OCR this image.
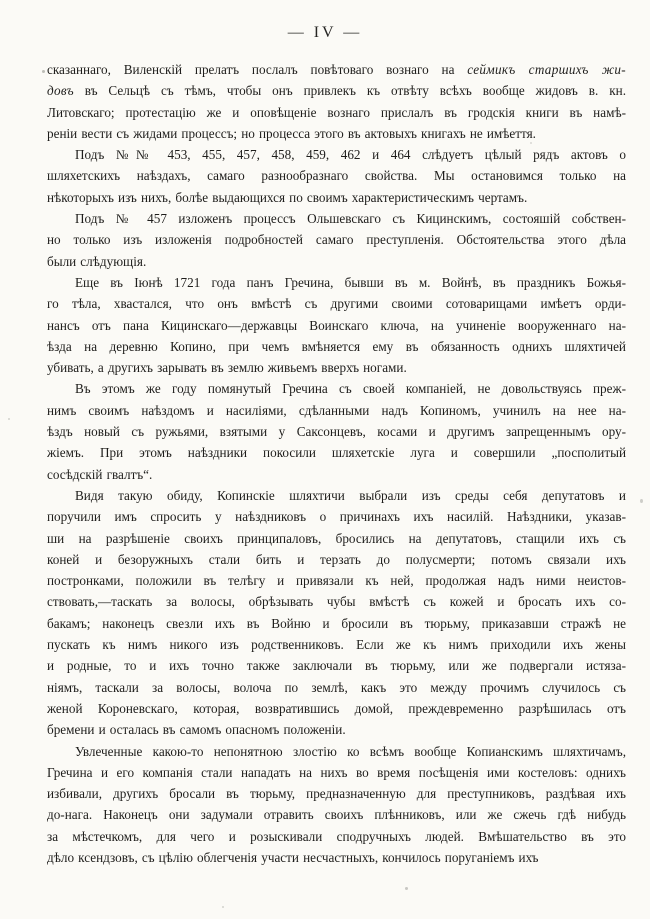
— IV —
сказаннаго, Виленскій прелатъ послалъ повѣтоваго вознаго на сеймикъ старшихъ жи-
довъ въ Сельцѣ съ тѣмъ, чтобы онъ привлекъ къ отвѣту всѣхъ вообще жидовъ в. кн.
Литовскаго; протестацію же и оповѣщеніе вознаго прислалъ въ гродскія книги въ намѣ-
реніи вести съ жидами процессъ; но процесса этого въ актовыхъ книгахъ не имѣеття.
Подъ №№ 453, 455, 457, 458, 459, 462 и 464 слѣдуетъ цѣлый рядъ актовъ о
шляхетскихъ наѣздахъ, самаго разнообразнаго свойства. Мы остановимся только на
нѣкоторыхъ изъ нихъ, болѣе выдающихся по своимъ характеристическимъ чертамъ.
Подъ № 457 изложенъ процессъ Ольшевскаго съ Кицинскимъ, состояшій собствен-
но только изъ изложенія подробностей самаго преступленія. Обстоятельства этого дѣла
были слѣдующія.
Еще въ Іюнѣ 1721 года панъ Гречина, бывши въ м. Войнѣ, въ праздникъ Божья-
го тѣла, хвастался, что онъ вмѣстѣ съ другими своими сотоварищами имѣетъ орди-
нансъ отъ пана Кицинскаго—державцы Воинскаго ключа, на учиненіе вооруженнаго на-
ѣзда на деревню Копино, при чемъ вмѣняется ему въ обязанность однихъ шляхтичей
убивать, а другихъ зарывать въ землю живьемъ вверхъ ногами.
Въ этомъ же году помянутый Гречина съ своей компаніей, не довольствуясь преж-
нимъ своимъ наѣздомъ и насиліями, сдѣланными надъ Копиномъ, учинилъ на нее на-
ѣздъ новый съ ружьями, взятыми у Саксонцевъ, косами и другимъ запрещеннымъ ору-
жіемъ. При этомъ наѣздники покосили шляхетскіе луга и совершили „посполитый
сосѣдскій гвалтъ“.
Видя такую обиду, Копинскіе шляхтичи выбрали изъ среды себя депутатовъ и
поручили имъ спросить у наѣздниковъ о причинахъ ихъ насилій. Наѣздники, указав-
ши на разрѣшеніе своихъ принципаловъ, бросились на депутатовъ, стащили ихъ съ
коней и безоружныхъ стали бить и терзать до полусмерти; потомъ связали ихъ
постронками, положили въ телѣгу и привязали къ ней, продолжая надъ ними неистов-
ствовать,—таскать за волосы, обрѣзывать чубы вмѣстѣ съ кожей и бросать ихъ со-
бакамъ; наконецъ свезли ихъ въ Войню и бросили въ тюрьму, приказавши стражѣ не
пускать къ нимъ никого изъ родственниковъ. Если же къ нимъ приходили ихъ жены
и родные, то и ихъ точно также заключали въ тюрьму, или же подвергали истяза-
ніямъ, таскали за волосы, волоча по землѣ, какъ это между прочимъ случилось съ
женой Короневскаго, которая, возвратившись домой, преждевременно разрѣшилась отъ
бремени и осталась въ самомъ опасномъ положеніи.
Увлеченные какою-то непонятною злостію ко всѣмъ вообще Копианскимъ шляхтичамъ,
Гречина и его компанія стали нападать на нихъ во время посѣщенія ими костеловъ: однихъ
избивали, другихъ бросали въ тюрьму, предназначенную для преступниковъ, раздѣвая ихъ
до-нага. Наконецъ они задумали отравить своихъ плѣнниковъ, или же сжечь гдѣ нибудь
за мѣстечкомъ, для чего и розыскивали сподручныхъ людей. Вмѣшательство въ это
дѣло ксендзовъ, съ цѣлію облегченія участи несчастныхъ, кончилось поруганіемъ ихъ
